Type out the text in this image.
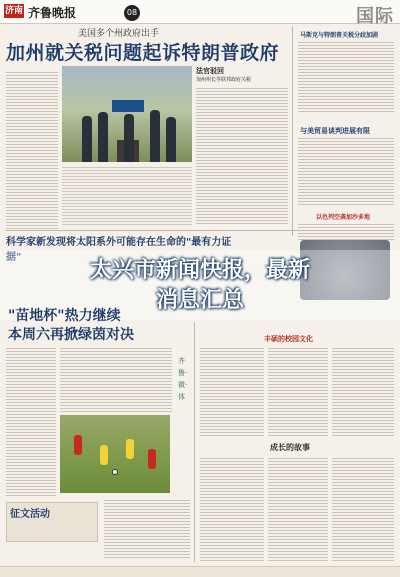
济南 齐鲁晚报	08	国际
美国多个州政府出手
加州就关税问题起诉特朗普政府
法官驳回
加州州长等联邦政府关税
马斯克与特朗普关税分歧加剧
与美贸易谈判进展有限
以色列空袭加沙多地
科学家新发现将太阳系外可能存在生命的"最有力证据"
太兴市新闻快报，最新
消息汇总
"苗地杯"热力继续
本周六再掀绿茵对决
齐鲁·微·体
征文活动
丰硕的校园文化
成长的故事
